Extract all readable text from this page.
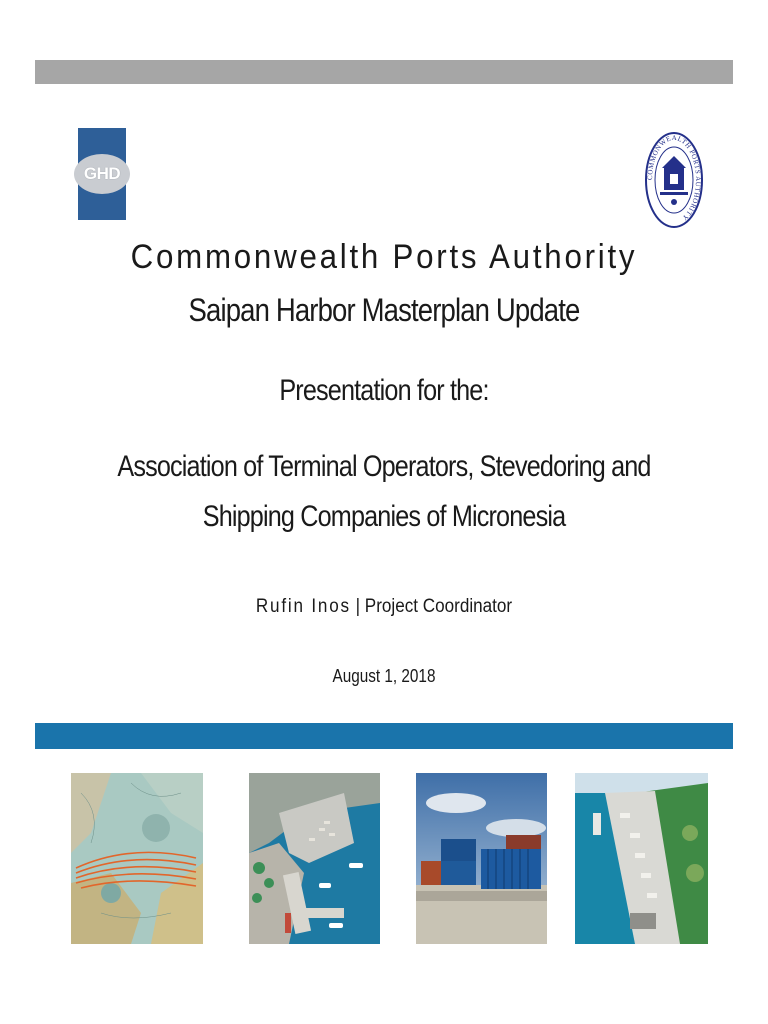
GHD	COMMONWEALTH PORTS AUTHORITY
Commonwealth Ports Authority
Saipan Harbor Masterplan Update
Presentation for the:
Association of Terminal Operators, Stevedoring and
Shipping Companies of Micronesia
Rufin Inos | Project Coordinator
August 1, 2018
